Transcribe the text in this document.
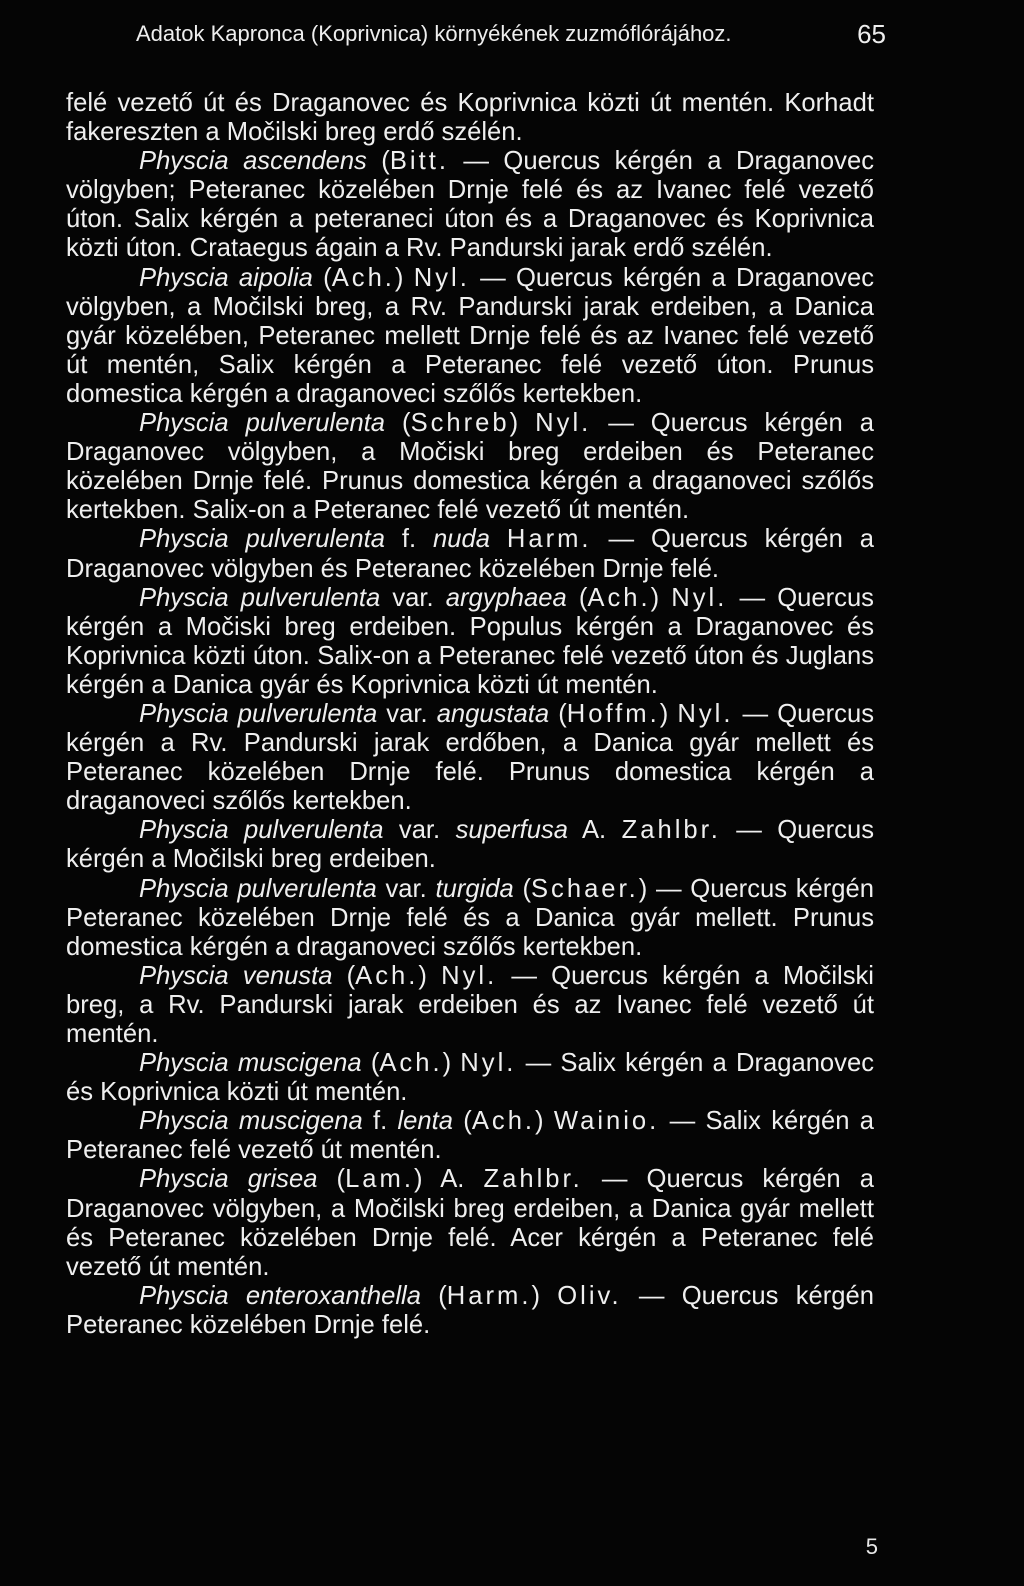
Adatok Kapronca (Koprivnica) környékének zuzmóflórájához.	65

felé vezető út és Draganovec és Koprivnica közti út mentén. Korhadt fakereszten a Močilski breg erdő szélén.

Physcia ascendens (Bitt. — Quercus kérgén a Draganovec völgyben; Peteranec közelében Drnje felé és az Ivanec felé vezető úton. Salix kérgén a peteraneci úton és a Draganovec és Koprivnica közti úton. Crataegus ágain a Rv. Pandurski jarak erdő szélén.

Physcia aipolia (Ach.) Nyl. — Quercus kérgén a Draganovec völgyben, a Močilski breg, a Rv. Pandurski jarak erdeiben, a Danica gyár közelében, Peteranec mellett Drnje felé és az Ivanec felé vezető út mentén, Salix kérgén a Peteranec felé vezető úton. Prunus domestica kérgén a draganoveci szőlős kertekben.

Physcia pulverulenta (Schreb) Nyl. — Quercus kérgén a Draganovec völgyben, a Močiski breg erdeiben és Peteranec közelében Drnje felé. Prunus domestica kérgén a draganoveci szőlős kertekben. Salix-on a Peteranec felé vezető út mentén.

Physcia pulverulenta f. nuda Harm. — Quercus kérgén a Draganovec völgyben és Peteranec közelében Drnje felé.

Physcia pulverulenta var. argyphaea (Ach.) Nyl. — Quercus kérgén a Močiski breg erdeiben. Populus kérgén a Draganovec és Koprivnica közti úton. Salix-on a Peteranec felé vezető úton és Juglans kérgén a Danica gyár és Koprivnica közti út mentén.

Physcia pulverulenta var. angustata (Hoffm.) Nyl. — Quercus kérgén a Rv. Pandurski jarak erdőben, a Danica gyár mellett és Peteranec közelében Drnje felé. Prunus domestica kérgén a draganoveci szőlős kertekben.

Physcia pulverulenta var. superfusa A. Zahlbr. — Quercus kérgén a Močilski breg erdeiben.

Physcia pulverulenta var. turgida (Schaer.) — Quercus kérgén Peteranec közelében Drnje felé és a Danica gyár mellett. Prunus domestica kérgén a draganoveci szőlős kertekben.

Physcia venusta (Ach.) Nyl. — Quercus kérgén a Močilski breg, a Rv. Pandurski jarak erdeiben és az Ivanec felé vezető út mentén.

Physcia muscigena (Ach.) Nyl. — Salix kérgén a Draganovec és Koprivnica közti út mentén.

Physcia muscigena f. lenta (Ach.) Wainio. — Salix kérgén a Peteranec felé vezető út mentén.

Physcia grisea (Lam.) A. Zahlbr. — Quercus kérgén a Draganovec völgyben, a Močilski breg erdeiben, a Danica gyár mellett és Peteranec közelében Drnje felé. Acer kérgén a Peteranec felé vezető út mentén.

Physcia enteroxanthella (Harm.) Oliv. — Quercus kérgén Peteranec közelében Drnje felé.

5
